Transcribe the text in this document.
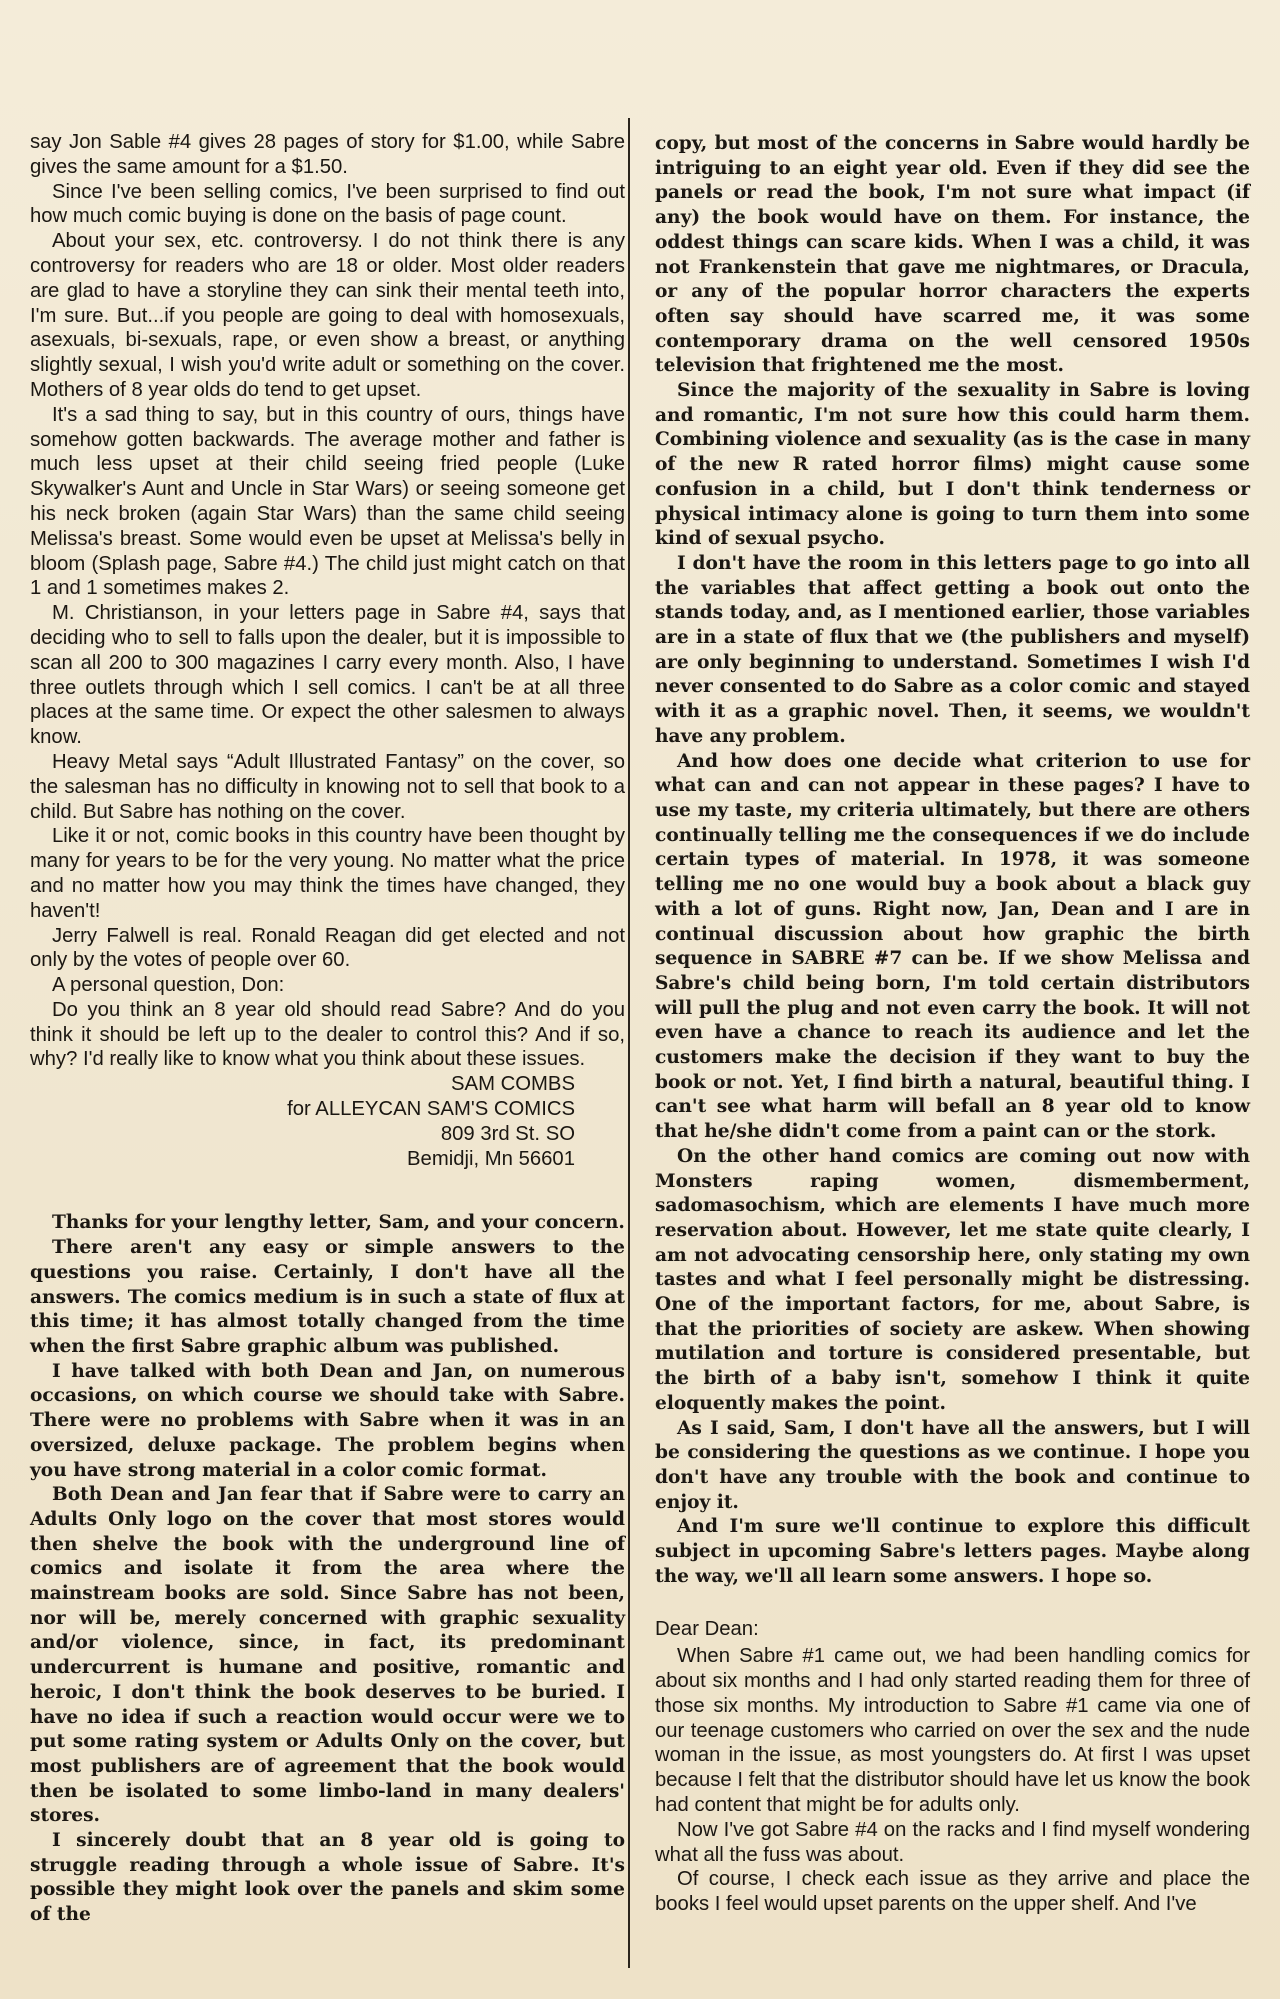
say Jon Sable #4 gives 28 pages of story for $1.00, while Sabre gives the same amount for a $1.50.

Since I've been selling comics, I've been surprised to find out how much comic buying is done on the basis of page count.

About your sex, etc. controversy. I do not think there is any controversy for readers who are 18 or older. Most older readers are glad to have a storyline they can sink their mental teeth into, I'm sure. But...if you people are going to deal with homosexuals, asexuals, bi-sexuals, rape, or even show a breast, or anything slightly sexual, I wish you'd write adult or something on the cover. Mothers of 8 year olds do tend to get upset.

It's a sad thing to say, but in this country of ours, things have somehow gotten backwards. The average mother and father is much less upset at their child seeing fried people (Luke Skywalker's Aunt and Uncle in Star Wars) or seeing someone get his neck broken (again Star Wars) than the same child seeing Melissa's breast. Some would even be upset at Melissa's belly in bloom (Splash page, Sabre #4.) The child just might catch on that 1 and 1 sometimes makes 2.

M. Christianson, in your letters page in Sabre #4, says that deciding who to sell to falls upon the dealer, but it is impossible to scan all 200 to 300 magazines I carry every month. Also, I have three outlets through which I sell comics. I can't be at all three places at the same time. Or expect the other salesmen to always know.

Heavy Metal says “Adult Illustrated Fantasy” on the cover, so the salesman has no difficulty in knowing not to sell that book to a child. But Sabre has nothing on the cover.

Like it or not, comic books in this country have been thought by many for years to be for the very young. No matter what the price and no matter how you may think the times have changed, they haven't!

Jerry Falwell is real. Ronald Reagan did get elected and not only by the votes of people over 60.

A personal question, Don:

Do you think an 8 year old should read Sabre? And do you think it should be left up to the dealer to control this? And if so, why? I'd really like to know what you think about these issues.

SAM COMBS
for ALLEYCAN SAM'S COMICS
809 3rd St. SO
Bemidji, Mn 56601

Thanks for your lengthy letter, Sam, and your concern.

There aren't any easy or simple answers to the questions you raise. Certainly, I don't have all the answers. The comics medium is in such a state of flux at this time; it has almost totally changed from the time when the first Sabre graphic album was published.

I have talked with both Dean and Jan, on numerous occasions, on which course we should take with Sabre. There were no problems with Sabre when it was in an oversized, deluxe package. The problem begins when you have strong material in a color comic format.

Both Dean and Jan fear that if Sabre were to carry an Adults Only logo on the cover that most stores would then shelve the book with the underground line of comics and isolate it from the area where the mainstream books are sold. Since Sabre has not been, nor will be, merely concerned with graphic sexuality and/or violence, since, in fact, its predominant undercurrent is humane and positive, romantic and heroic, I don't think the book deserves to be buried. I have no idea if such a reaction would occur were we to put some rating system or Adults Only on the cover, but most publishers are of agreement that the book would then be isolated to some limbo-land in many dealers' stores.

I sincerely doubt that an 8 year old is going to struggle reading through a whole issue of Sabre. It's possible they might look over the panels and skim some of the

copy, but most of the concerns in Sabre would hardly be intriguing to an eight year old. Even if they did see the panels or read the book, I'm not sure what impact (if any) the book would have on them. For instance, the oddest things can scare kids. When I was a child, it was not Frankenstein that gave me nightmares, or Dracula, or any of the popular horror characters the experts often say should have scarred me, it was some contemporary drama on the well censored 1950s television that frightened me the most.

Since the majority of the sexuality in Sabre is loving and romantic, I'm not sure how this could harm them. Combining violence and sexuality (as is the case in many of the new R rated horror films) might cause some confusion in a child, but I don't think tenderness or physical intimacy alone is going to turn them into some kind of sexual psycho.

I don't have the room in this letters page to go into all the variables that affect getting a book out onto the stands today, and, as I mentioned earlier, those variables are in a state of flux that we (the publishers and myself) are only beginning to understand. Sometimes I wish I'd never consented to do Sabre as a color comic and stayed with it as a graphic novel. Then, it seems, we wouldn't have any problem.

And how does one decide what criterion to use for what can and can not appear in these pages? I have to use my taste, my criteria ultimately, but there are others continually telling me the consequences if we do include certain types of material. In 1978, it was someone telling me no one would buy a book about a black guy with a lot of guns. Right now, Jan, Dean and I are in continual discussion about how graphic the birth sequence in SABRE #7 can be. If we show Melissa and Sabre's child being born, I'm told certain distributors will pull the plug and not even carry the book. It will not even have a chance to reach its audience and let the customers make the decision if they want to buy the book or not. Yet, I find birth a natural, beautiful thing. I can't see what harm will befall an 8 year old to know that he/she didn't come from a paint can or the stork.

On the other hand comics are coming out now with Monsters raping women, dismemberment, sadomasochism, which are elements I have much more reservation about. However, let me state quite clearly, I am not advocating censorship here, only stating my own tastes and what I feel personally might be distressing. One of the important factors, for me, about Sabre, is that the priorities of society are askew. When showing mutilation and torture is considered presentable, but the birth of a baby isn't, somehow I think it quite eloquently makes the point.

As I said, Sam, I don't have all the answers, but I will be considering the questions as we continue. I hope you don't have any trouble with the book and continue to enjoy it.

And I'm sure we'll continue to explore this difficult subject in upcoming Sabre's letters pages. Maybe along the way, we'll all learn some answers. I hope so.

Dear Dean:

When Sabre #1 came out, we had been handling comics for about six months and I had only started reading them for three of those six months. My introduction to Sabre #1 came via one of our teenage customers who carried on over the sex and the nude woman in the issue, as most youngsters do. At first I was upset because I felt that the distributor should have let us know the book had content that might be for adults only.

Now I've got Sabre #4 on the racks and I find myself wondering what all the fuss was about.

Of course, I check each issue as they arrive and place the books I feel would upset parents on the upper shelf. And I've
